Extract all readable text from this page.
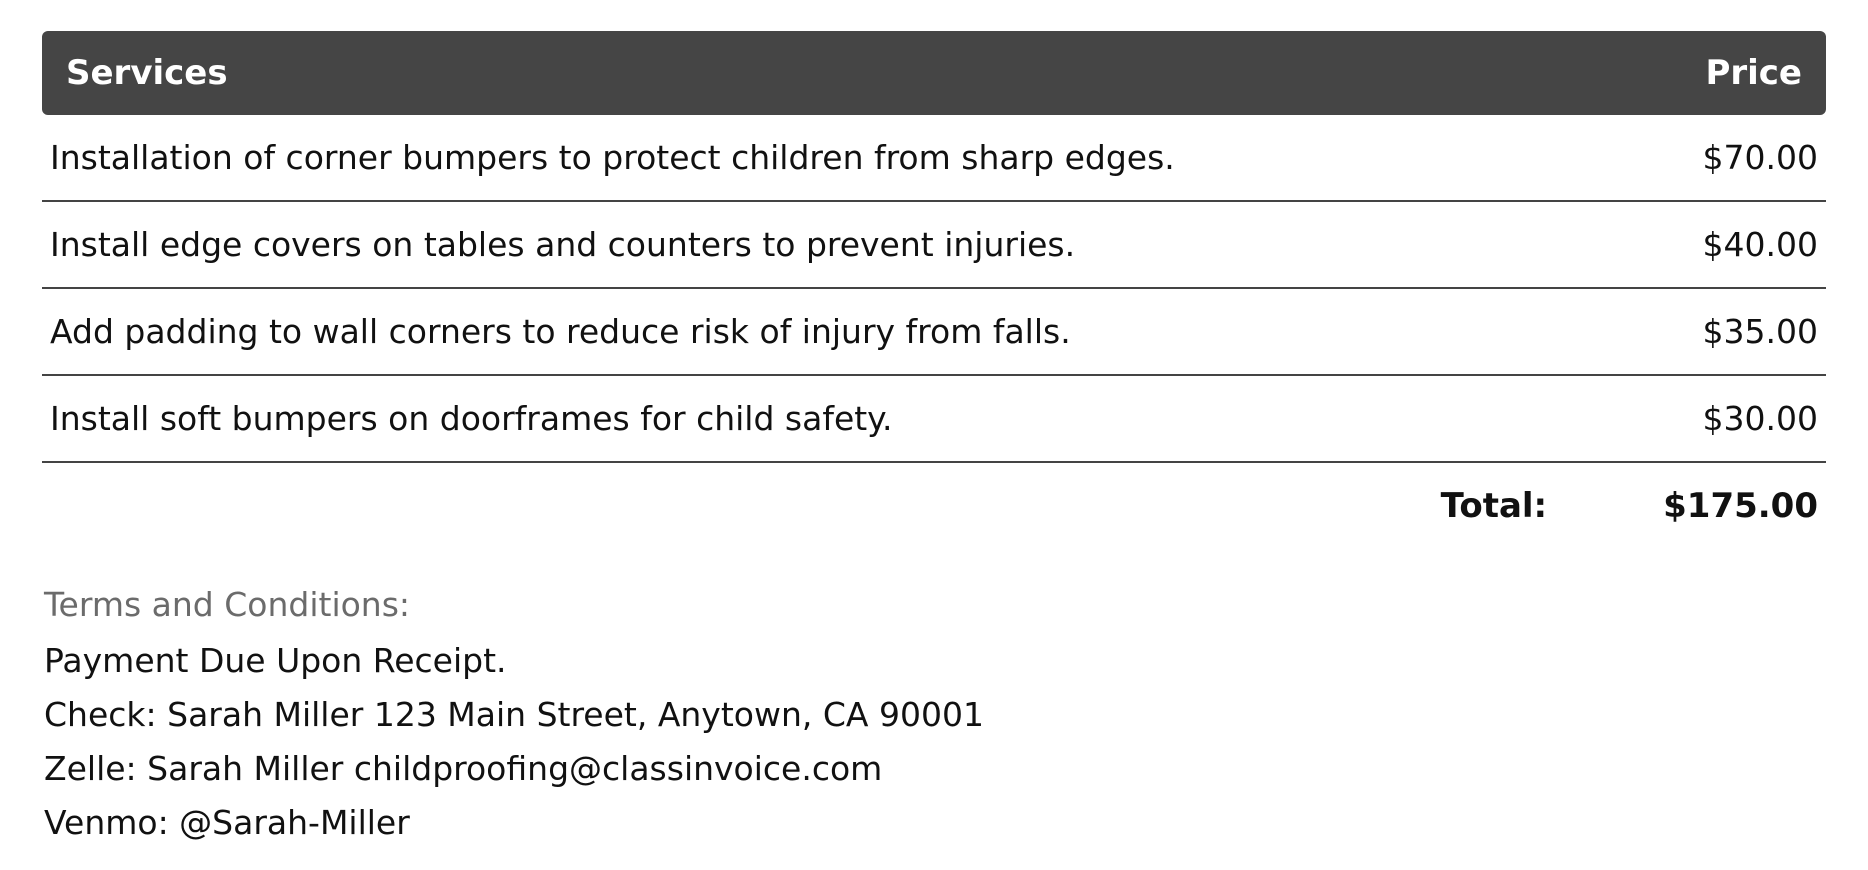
Services	Price
Installation of corner bumpers to protect children from sharp edges.	$70.00
Install edge covers on tables and counters to prevent injuries.	$40.00
Add padding to wall corners to reduce risk of injury from falls.	$35.00
Install soft bumpers on doorframes for child safety.	$30.00
Total:	$175.00
Terms and Conditions:
Payment Due Upon Receipt.
Check: Sarah Miller 123 Main Street, Anytown, CA 90001
Zelle: Sarah Miller childproofing@classinvoice.com
Venmo: @Sarah-Miller
